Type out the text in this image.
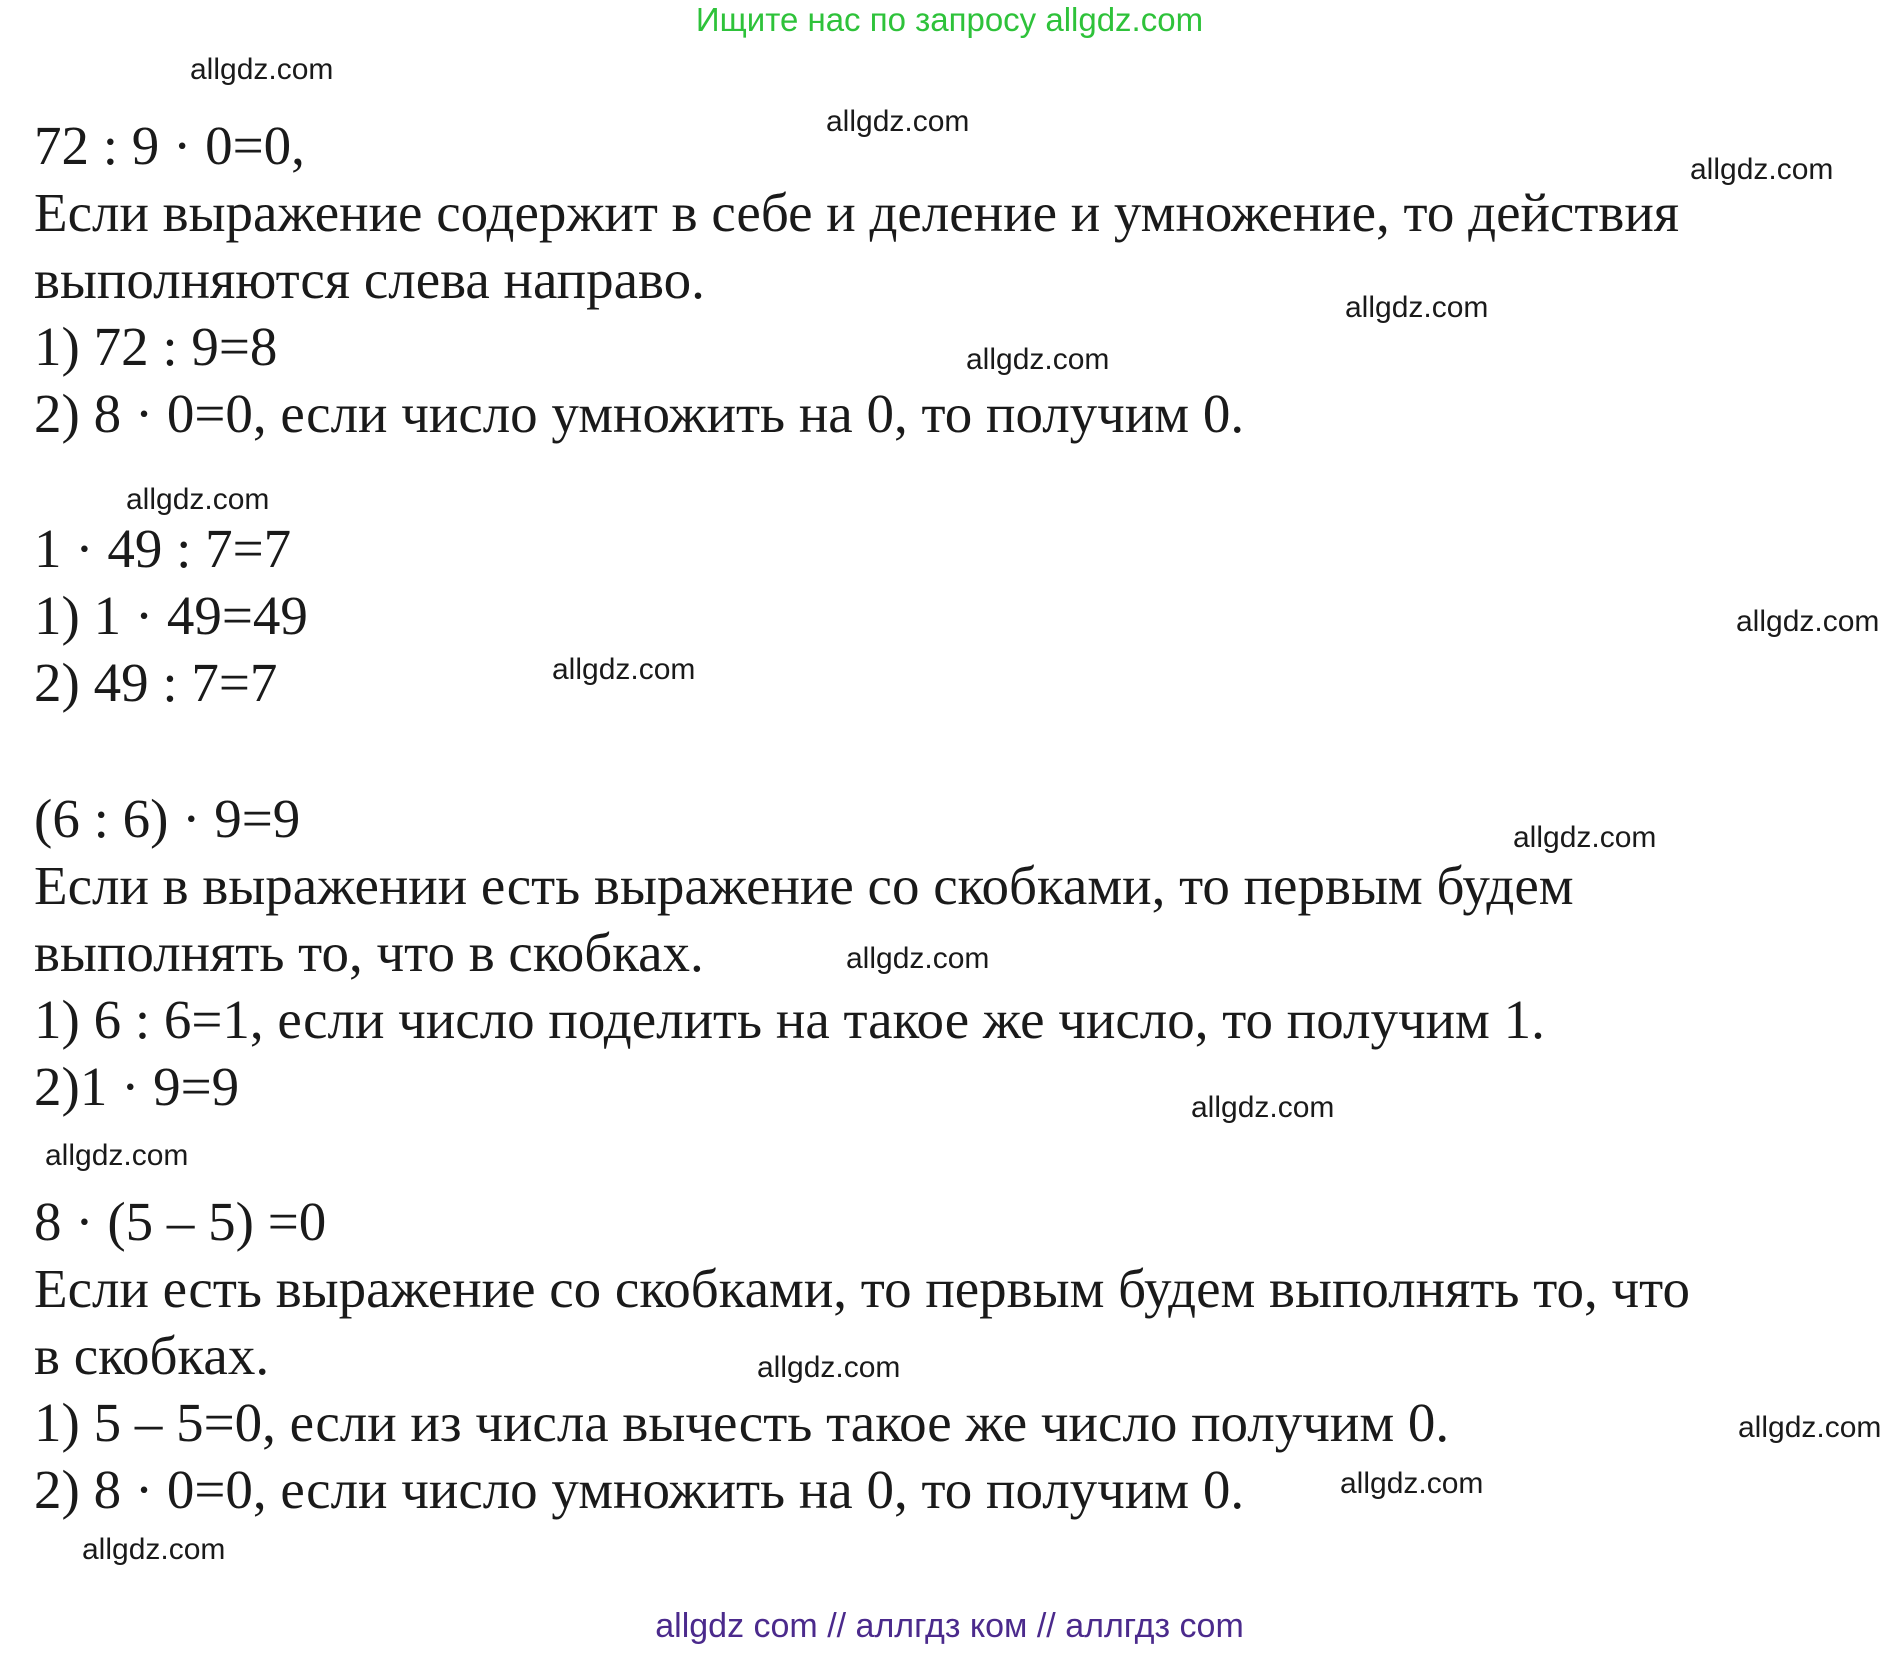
Ищите нас по запросу allgdz.com
allgdz.com
allgdz.com
allgdz.com
allgdz.com
allgdz.com
allgdz.com
allgdz.com
allgdz.com
allgdz.com
allgdz.com
allgdz.com
allgdz.com
allgdz.com
allgdz.com
allgdz.com
allgdz.com
72 : 9 · 0=0,
Если выражение содержит в себе и деление и умножение, то действия
выполняются слева направо.
1) 72 : 9=8
2) 8 · 0=0, если число умножить на 0, то получим 0.
1 · 49 : 7=7
1) 1 · 49=49
2) 49 : 7=7
(6 : 6) · 9=9
Если в выражении есть выражение со скобками, то первым будем
выполнять то, что в скобках.
1) 6 : 6=1, если число поделить на такое же число, то получим 1.
2)1 · 9=9
8 · (5 – 5) =0
Если есть выражение со скобками, то первым будем выполнять то, что
в скобках.
1) 5 – 5=0, если из числа вычесть такое же число получим 0.
2) 8 · 0=0, если число умножить на 0, то получим 0.
allgdz com // аллгдз ком // аллгдз com
